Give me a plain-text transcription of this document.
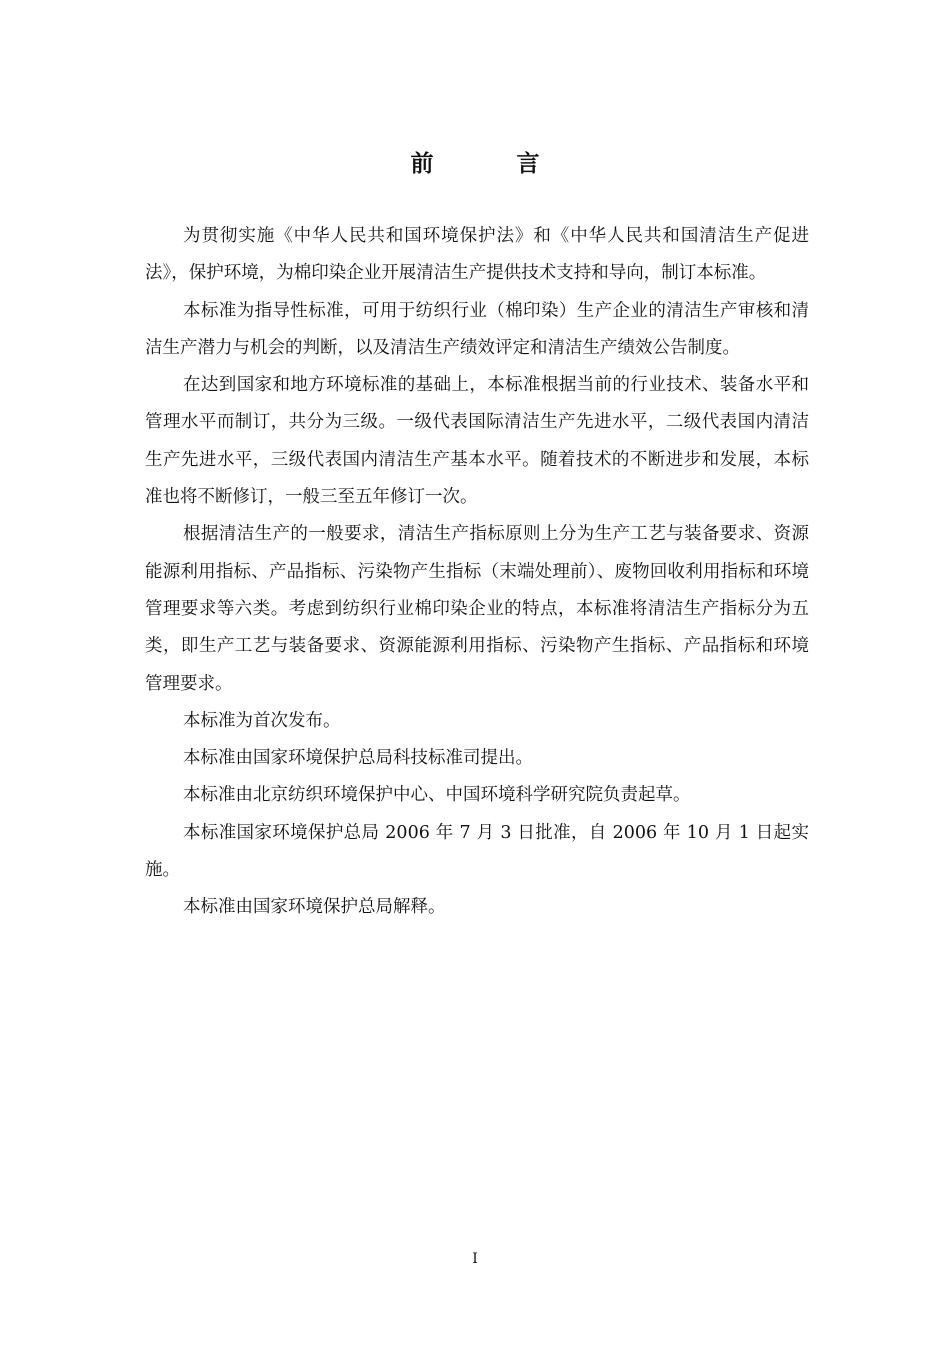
前　言

为贯彻实施《中华人民共和国环境保护法》和《中华人民共和国清洁生产促进法》，保护环境，为棉印染企业开展清洁生产提供技术支持和导向，制订本标准。

本标准为指导性标准，可用于纺织行业（棉印染）生产企业的清洁生产审核和清洁生产潜力与机会的判断，以及清洁生产绩效评定和清洁生产绩效公告制度。

在达到国家和地方环境标准的基础上，本标准根据当前的行业技术、装备水平和管理水平而制订，共分为三级。一级代表国际清洁生产先进水平，二级代表国内清洁生产先进水平，三级代表国内清洁生产基本水平。随着技术的不断进步和发展，本标准也将不断修订，一般三至五年修订一次。

根据清洁生产的一般要求，清洁生产指标原则上分为生产工艺与装备要求、资源能源利用指标、产品指标、污染物产生指标（末端处理前）、废物回收利用指标和环境管理要求等六类。考虑到纺织行业棉印染企业的特点，本标准将清洁生产指标分为五类，即生产工艺与装备要求、资源能源利用指标、污染物产生指标、产品指标和环境管理要求。

本标准为首次发布。

本标准由国家环境保护总局科技标准司提出。

本标准由北京纺织环境保护中心、中国环境科学研究院负责起草。

本标准国家环境保护总局 2006 年 7 月 3 日批准，自 2006 年 10 月 1 日起实施。

本标准由国家环境保护总局解释。

I
